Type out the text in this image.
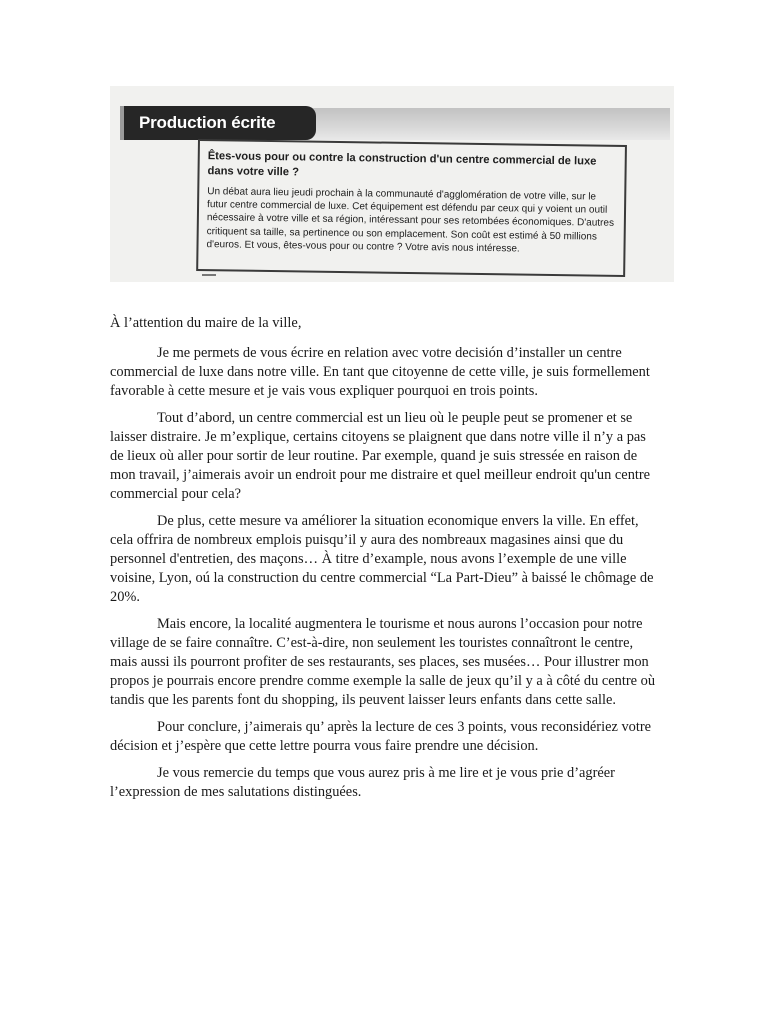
Production écrite

Êtes-vous pour ou contre la construction d'un centre commercial de luxe dans votre ville ?

Un débat aura lieu jeudi prochain à la communauté d'agglomération de votre ville, sur le futur centre commercial de luxe. Cet équipement est défendu par ceux qui y voient un outil nécessaire à votre ville et sa région, intéressant pour ses retombées économiques. D'autres critiquent sa taille, sa pertinence ou son emplacement. Son coût est estimé à 50 millions d'euros. Et vous, êtes-vous pour ou contre ? Votre avis nous intéresse.

À l’attention du maire de la ville,

Je me permets de vous écrire en relation avec votre decisión d’installer un centre commercial de luxe dans notre ville. En tant que citoyenne de cette ville, je suis formellement favorable à cette mesure et je vais vous expliquer pourquoi en trois points.

Tout d’abord, un centre commercial est un lieu où le peuple peut se promener et se laisser distraire. Je m’explique, certains citoyens se plaignent que dans notre ville il n’y a pas de lieux où aller pour sortir de leur routine. Par exemple, quand je suis stressée en raison de mon travail, j’aimerais avoir un endroit pour me distraire et quel meilleur endroit qu'un centre commercial pour cela?

De plus, cette mesure va améliorer la situation economique envers la ville. En effet, cela offrira de nombreux emplois puisqu’il y aura des nombreaux magasines ainsi que du personnel d'entretien, des maçons… À titre d’example, nous avons l’exemple de une ville voisine, Lyon, oú la construction du centre commercial “La Part-Dieu” à baissé le chômage de 20%.

Mais encore, la localité augmentera le tourisme et nous aurons l’occasion pour notre village de se faire connaître. C’est-à-dire, non seulement les touristes connaîtront le centre, mais aussi ils pourront profiter de ses restaurants, ses places, ses musées… Pour illustrer mon propos je pourrais encore prendre comme exemple la salle de jeux qu’il y a à côté du centre où tandis que les parents font du shopping, ils peuvent laisser leurs enfants dans cette salle.

Pour conclure, j’aimerais qu’ après la lecture de ces 3 points, vous reconsidériez votre décision et j’espère que cette lettre pourra vous faire prendre une décision.

Je vous remercie du temps que vous aurez pris à me lire et je vous prie d’agréer l’expression de mes salutations distinguées.
